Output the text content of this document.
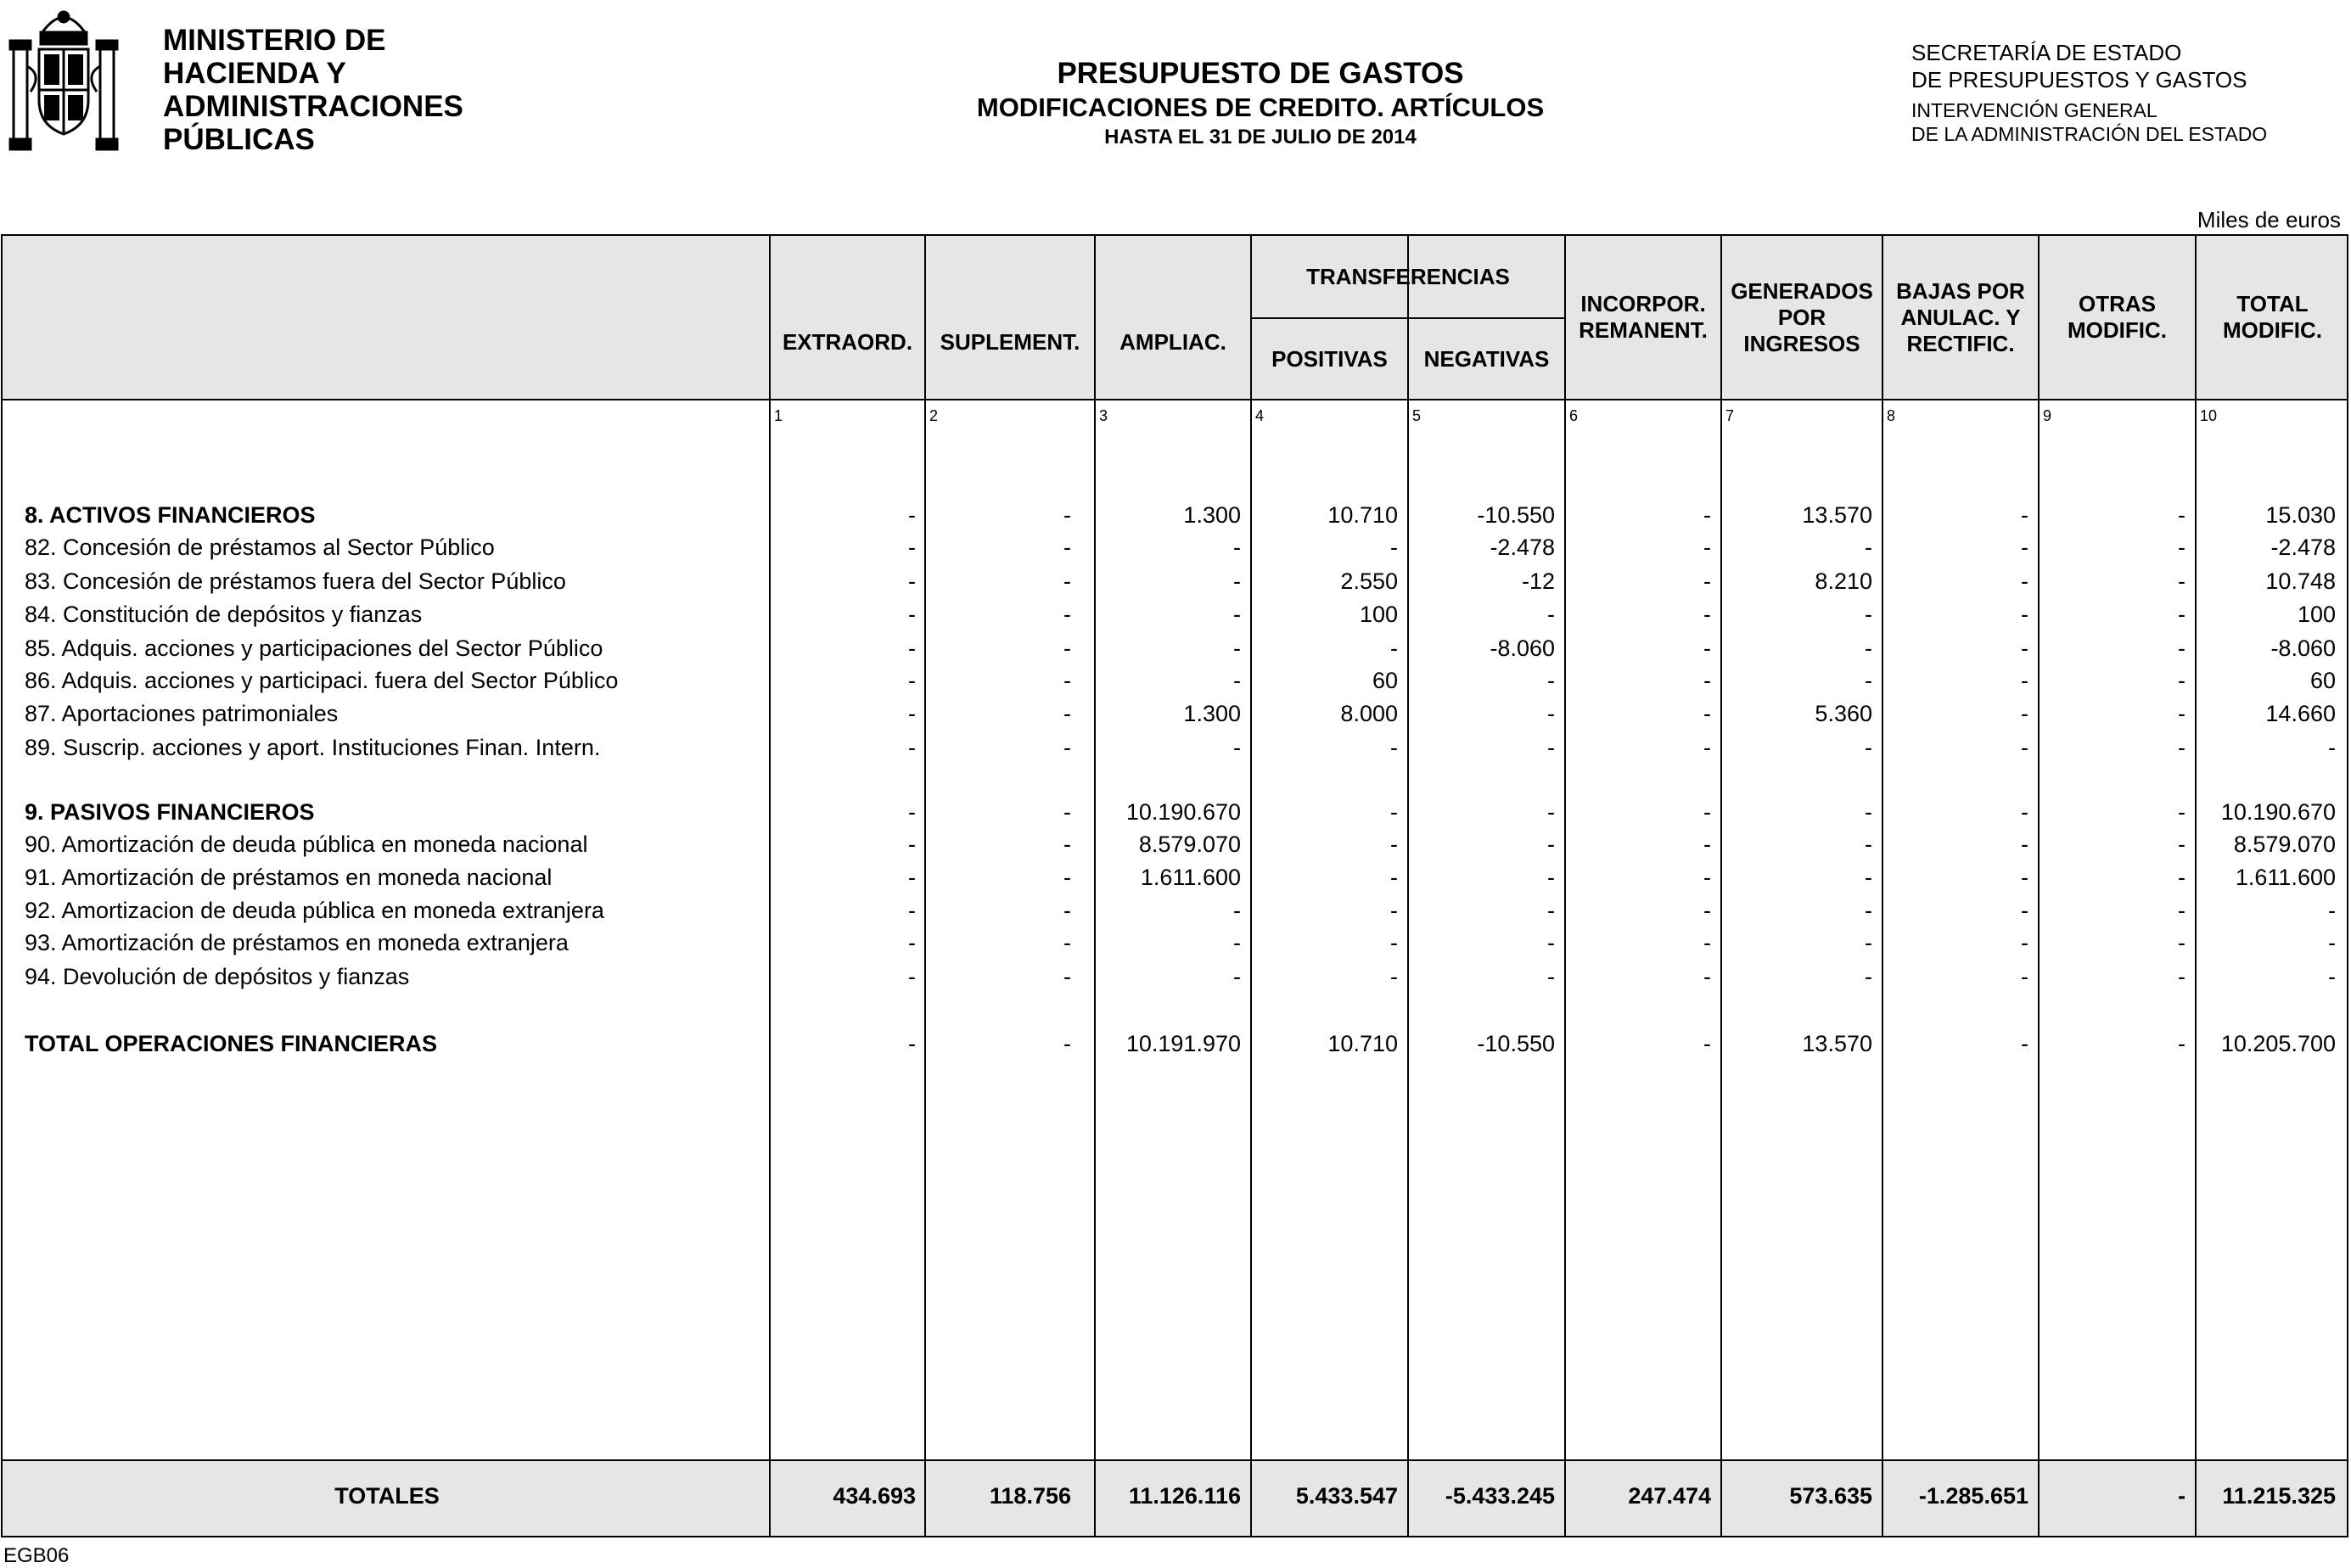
MINISTERIO DE
HACIENDA Y
ADMINISTRACIONES
PÚBLICAS
PRESUPUESTO DE GASTOS
MODIFICACIONES DE CREDITO. ARTÍCULOS
HASTA EL 31 DE JULIO DE 2014
SECRETARÍA DE ESTADO
DE PRESUPUESTOS Y GASTOS
INTERVENCIÓN GENERAL
DE LA ADMINISTRACIÓN DEL ESTADO
Miles de euros
EXTRAORD.	SUPLEMENT.	AMPLIAC.
TRANSFERENCIAS
POSITIVAS	NEGATIVAS
INCORPOR.
REMANENT.
GENERADOS
POR
INGRESOS
BAJAS POR
ANULAC. Y
RECTIFIC.
OTRAS
MODIFIC.
TOTAL
MODIFIC.
1	2	3	4	5	6	7	8	9	10
8. ACTIVOS FINANCIEROS	-	-	1.300	10.710	-10.550	-	13.570	-	-	15.030
82. Concesión de préstamos al Sector Público	-	-	-	-	-2.478	-	-	-	-	-2.478
83. Concesión de préstamos fuera del Sector Público	-	-	-	2.550	-12	-	8.210	-	-	10.748
84. Constitución de depósitos y fianzas	-	-	-	100	-	-	-	-	-	100
85. Adquis. acciones y participaciones del Sector Público	-	-	-	-	-8.060	-	-	-	-	-8.060
86. Adquis. acciones y participaci. fuera del Sector Público	-	-	-	60	-	-	-	-	-	60
87. Aportaciones patrimoniales	-	-	1.300	8.000	-	-	5.360	-	-	14.660
89. Suscrip. acciones y aport. Instituciones Finan. Intern.	-	-	-	-	-	-	-	-	-	-
9. PASIVOS FINANCIEROS	-	- 10.190.670	-	-	-	-	-	- 10.190.670
90. Amortización de deuda pública en moneda nacional	-	-	8.579.070	-	-	-	-	-	- 8.579.070
91. Amortización de préstamos en moneda nacional	-	-	1.611.600	-	-	-	-	-	- 1.611.600
92. Amortizacion de deuda pública en moneda extranjera	-	-	-	-	-	-	-	-	-	-
93. Amortización de préstamos en moneda extranjera	-	-	-	-	-	-	-	-	-	-
94. Devolución de depósitos y fianzas	-	-	-	-	-	-	-	-	-	-
TOTAL OPERACIONES FINANCIERAS	-	- 10.191.970	10.710	-10.550	-	13.570	-	- 10.205.700
TOTALES	434.693	118.756	11.126.116 5.433.547 -5.433.245	247.474	573.635 -1.285.651	- 11.215.325
EGB06
